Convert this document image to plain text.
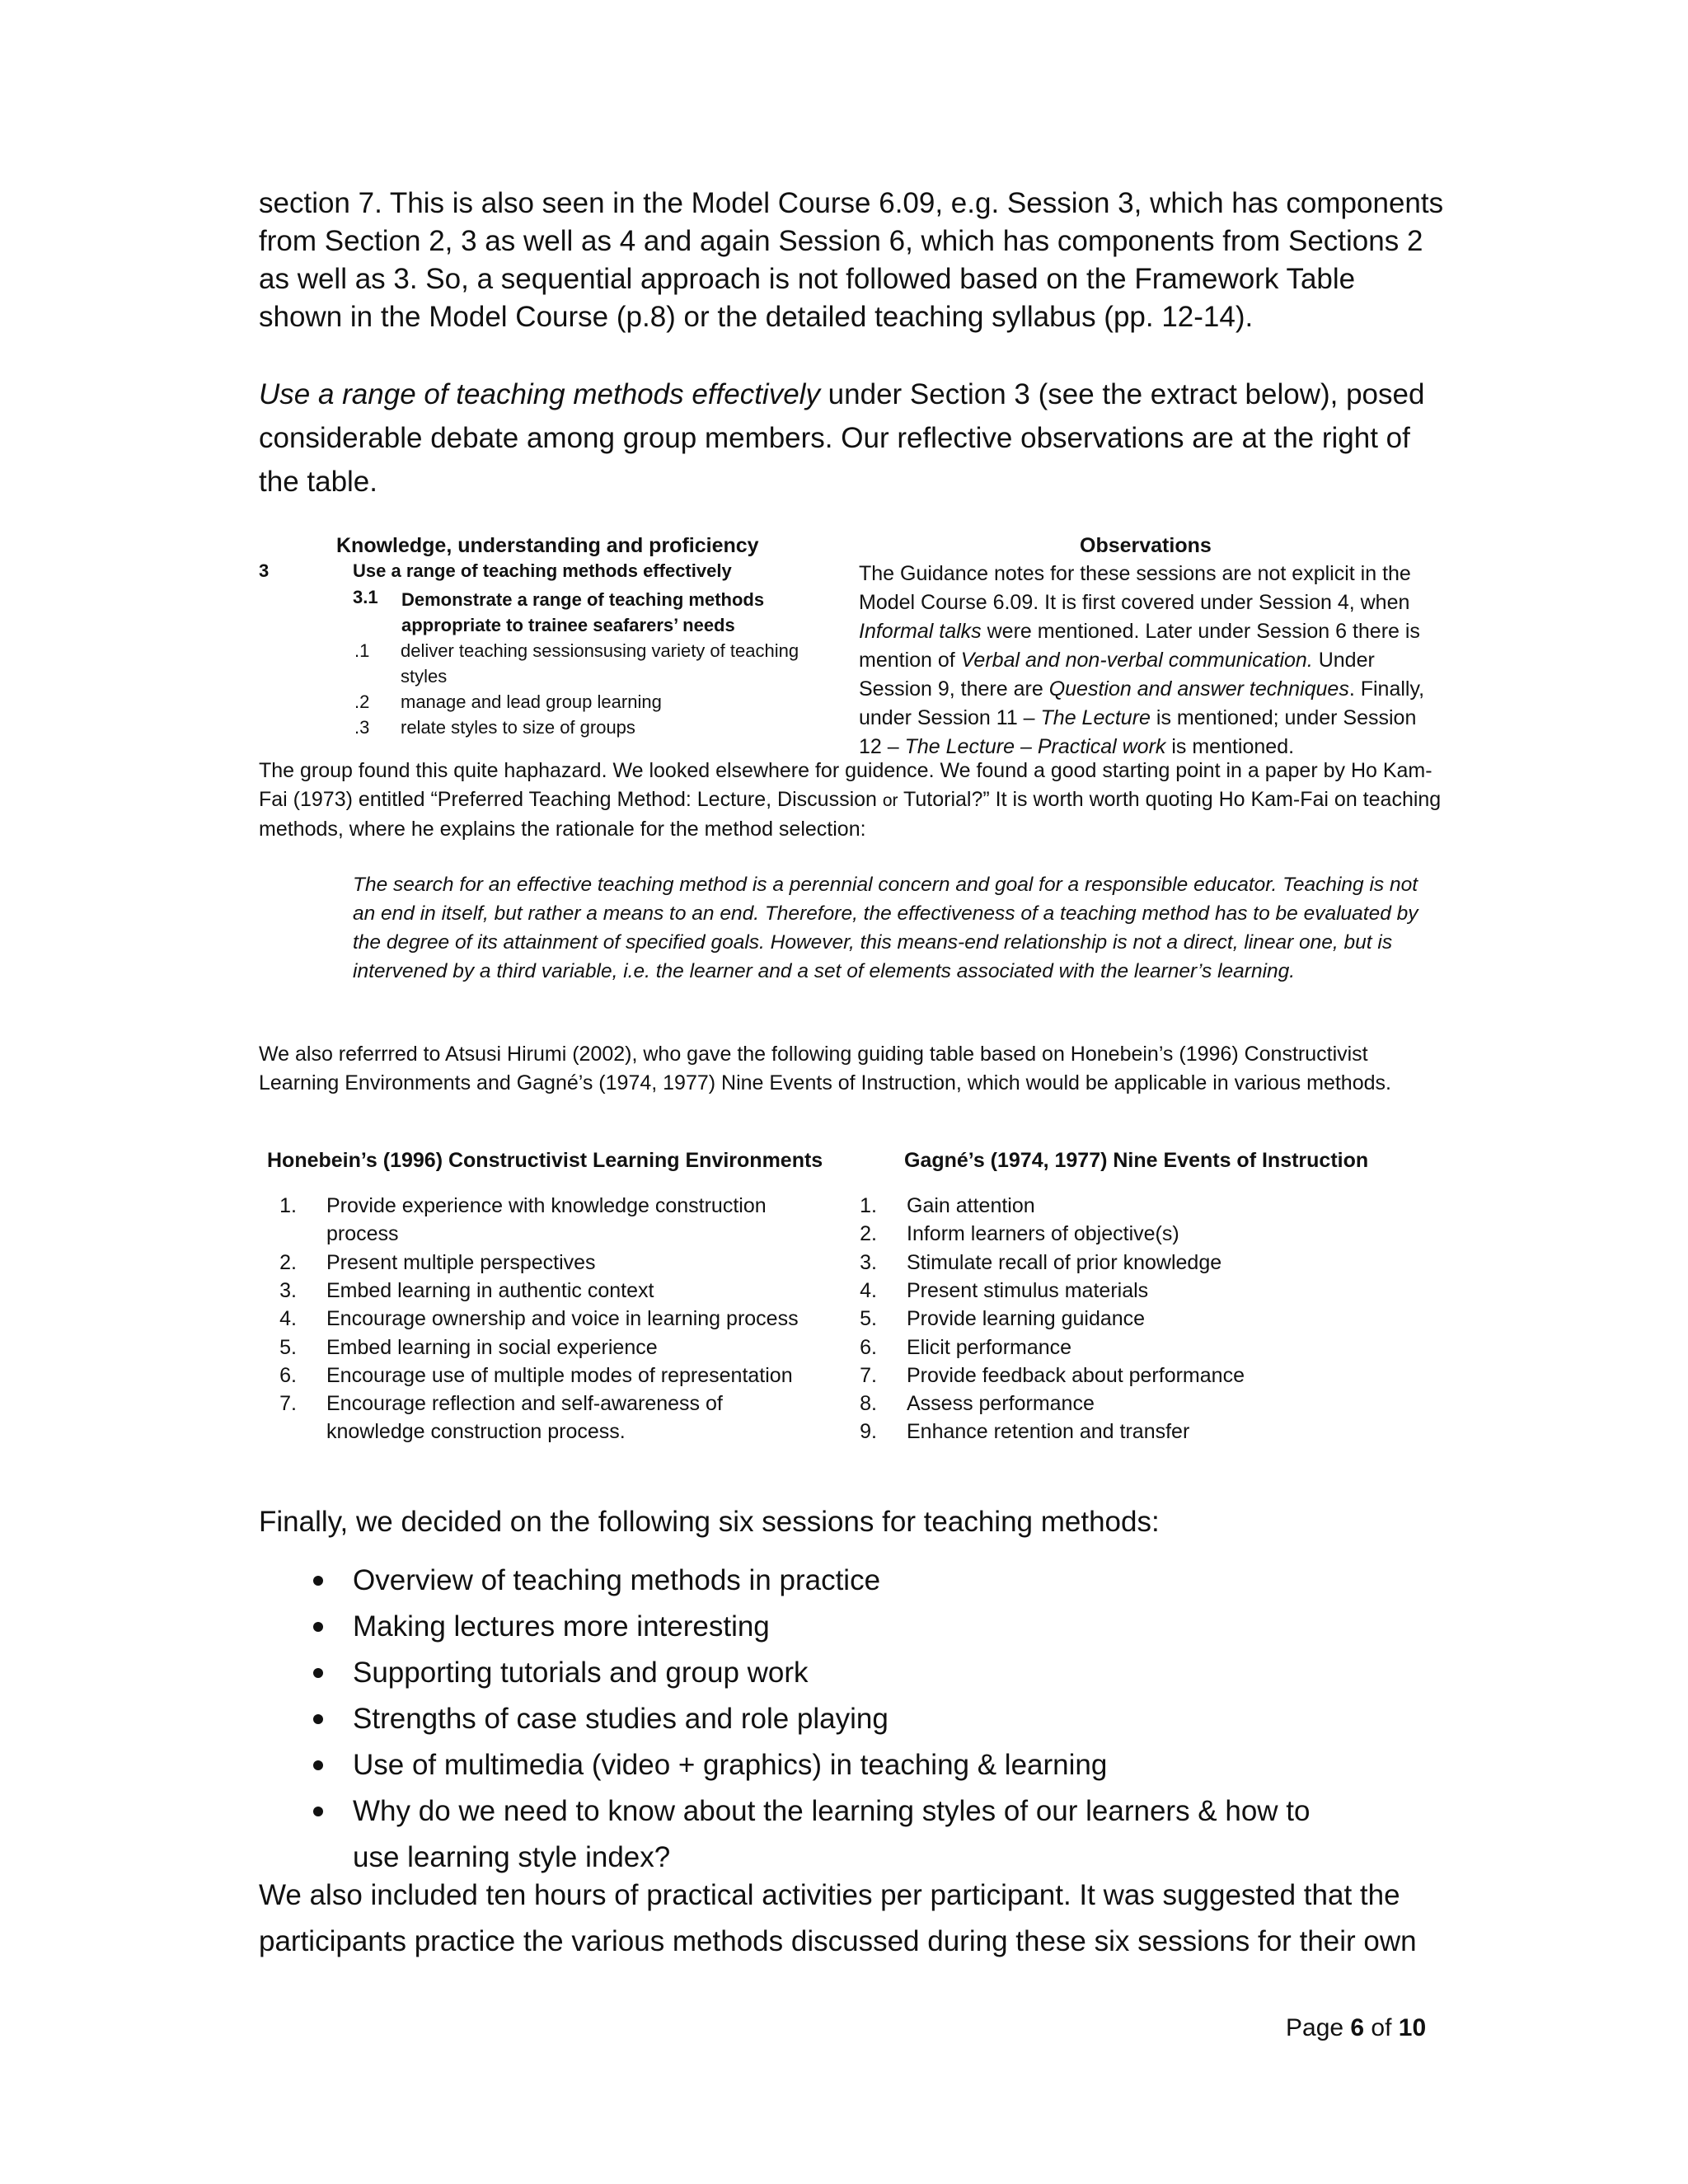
section 7. This is also seen in the Model Course 6.09, e.g. Session 3, which has components from Section 2, 3 as well as 4 and again Session 6, which has components from Sections 2 as well as 3. So, a sequential approach is not followed based on the Framework Table shown in the Model Course (p.8) or the detailed teaching syllabus (pp. 12-14).
Use a range of teaching methods effectively under Section 3 (see the extract below), posed considerable debate among group members. Our reflective observations are at the right of the table.
Knowledge, understanding and proficiency	Observations
3	Use a range of teaching methods effectively
3.1 Demonstrate a range of teaching methods appropriate to trainee seafarers’ needs
.1 deliver teaching sessionsusing variety of teaching styles
.2 manage and lead group learning
.3 relate styles to size of groups
The Guidance notes for these sessions are not explicit in the Model Course 6.09. It is first covered under Session 4, when Informal talks were mentioned. Later under Session 6 there is mention of Verbal and non-verbal communication. Under Session 9, there are Question and answer techniques. Finally, under Session 11 – The Lecture is mentioned; under Session 12 – The Lecture – Practical work is mentioned.
The group found this quite haphazard. We looked elsewhere for guidence. We found a good starting point in a paper by Ho Kam-Fai (1973) entitled “Preferred Teaching Method: Lecture, Discussion or Tutorial?” It is worth worth quoting Ho Kam-Fai on teaching methods, where he explains the rationale for the method selection:
The search for an effective teaching method is a perennial concern and goal for a responsible educator. Teaching is not an end in itself, but rather a means to an end. Therefore, the effectiveness of a teaching method has to be evaluated by the degree of its attainment of specified goals. However, this means-end relationship is not a direct, linear one, but is intervened by a third variable, i.e. the learner and a set of elements associated with the learner’s learning.
We also referrred to Atsusi Hirumi (2002), who gave the following guiding table based on Honebein’s (1996) Constructivist Learning Environments and Gagné’s (1974, 1977) Nine Events of Instruction, which would be applicable in various methods.
Honebein’s (1996) Constructivist Learning Environments
1. Provide experience with knowledge construction process
2. Present multiple perspectives
3. Embed learning in authentic context
4. Encourage ownership and voice in learning process
5. Embed learning in social experience
6. Encourage use of multiple modes of representation
7. Encourage reflection and self-awareness of knowledge construction process.
Gagné’s (1974, 1977) Nine Events of Instruction
1. Gain attention
2. Inform learners of objective(s)
3. Stimulate recall of prior knowledge
4. Present stimulus materials
5. Provide learning guidance
6. Elicit performance
7. Provide feedback about performance
8. Assess performance
9. Enhance retention and transfer
Finally, we decided on the following six sessions for teaching methods:
Overview of teaching methods in practice
Making lectures more interesting
Supporting tutorials and group work
Strengths of case studies and role playing
Use of multimedia (video + graphics) in teaching & learning
Why do we need to know about the learning styles of our learners & how to use learning style index?
We also included ten hours of practical activities per participant. It was suggested that the participants practice the various methods discussed during these six sessions for their own
Page 6 of 10
